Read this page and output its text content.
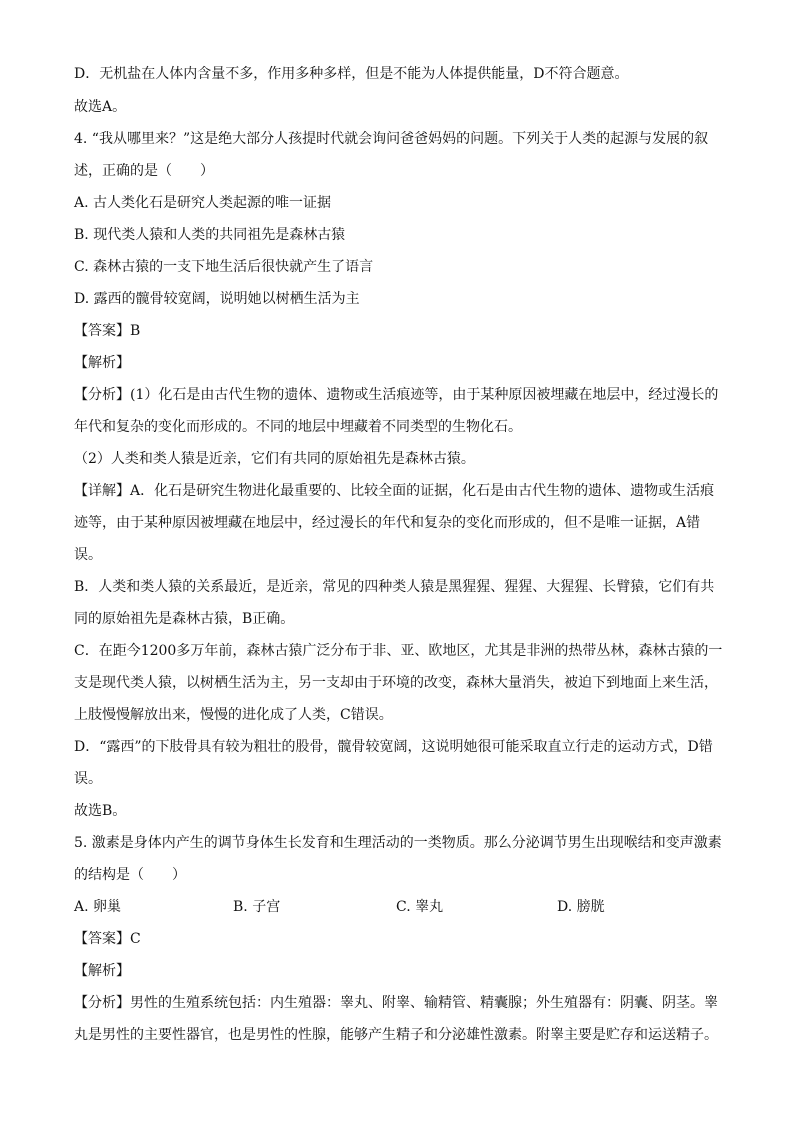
D．无机盐在人体内含量不多，作用多种多样，但是不能为人体提供能量，D不符合题意。
故选A。
4. “我从哪里来？”这是绝大部分人孩提时代就会询问爸爸妈妈的问题。下列关于人类的起源与发展的叙
述，正确的是（　　）
A. 古人类化石是研究人类起源的唯一证据
B. 现代类人猿和人类的共同祖先是森林古猿
C. 森林古猿的一支下地生活后很快就产生了语言
D. 露西的髋骨较宽阔，说明她以树栖生活为主
【答案】B
【解析】
【分析】(1）化石是由古代生物的遗体、遗物或生活痕迹等，由于某种原因被埋藏在地层中，经过漫长的
年代和复杂的变化而形成的。不同的地层中埋藏着不同类型的生物化石。
（2）人类和类人猿是近亲，它们有共同的原始祖先是森林古猿。
【详解】A．化石是研究生物进化最重要的、比较全面的证据，化石是由古代生物的遗体、遗物或生活痕
迹等，由于某种原因被埋藏在地层中，经过漫长的年代和复杂的变化而形成的，但不是唯一证据，A错
误。
B．人类和类人猿的关系最近，是近亲，常见的四种类人猿是黑猩猩、猩猩、大猩猩、长臂猿，它们有共
同的原始祖先是森林古猿，B正确。
C．在距今1200多万年前，森林古猿广泛分布于非、亚、欧地区，尤其是非洲的热带丛林，森林古猿的一
支是现代类人猿，以树栖生活为主，另一支却由于环境的改变，森林大量消失，被迫下到地面上来生活，
上肢慢慢解放出来，慢慢的进化成了人类，C错误。
D．“露西”的下肢骨具有较为粗壮的股骨，髋骨较宽阔，这说明她很可能采取直立行走的运动方式，D错
误。
故选B。
5. 激素是身体内产生的调节身体生长发育和生理活动的一类物质。那么分泌调节男生出现喉结和变声激素
的结构是（　　）
A. 卵巢	B. 子宫	C. 睾丸	D. 膀胱
【答案】C
【解析】
【分析】男性的生殖系统包括：内生殖器：睾丸、附睾、输精管、精囊腺；外生殖器有：阴囊、阴茎。睾
丸是男性的主要性器官，也是男性的性腺，能够产生精子和分泌雄性激素。附睾主要是贮存和运送精子。
